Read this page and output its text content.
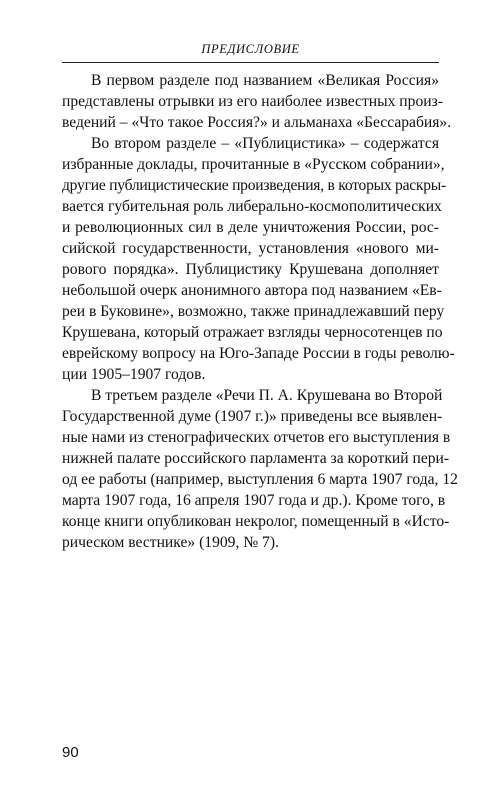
ПРЕДИСЛОВИЕ

В первом разделе под названием «Великая Россия»
представлены отрывки из его наиболее известных произ-
ведений – «Что такое Россия?» и альманаха «Бессарабия».

Во втором разделе – «Публицистика» – содержатся
избранные доклады, прочитанные в «Русском собрании»,
другие публицистические произведения, в которых раскры-
вается губительная роль либерально-космополитических
и революционных сил в деле уничтожения России, рос-
сийской государственности, установления «нового ми-
рового порядка». Публицистику Крушевана дополняет
небольшой очерк анонимного автора под названием «Ев-
реи в Буковине», возможно, также принадлежавший перу
Крушевана, который отражает взгляды черносотенцев по
еврейскому вопросу на Юго-Западе России в годы револю-
ции 1905–1907 годов.

В третьем разделе «Речи П. А. Крушевана во Второй
Государственной думе (1907 г.)» приведены все выявлен-
ные нами из стенографических отчетов его выступления в
нижней палате российского парламента за короткий пери-
од ее работы (например, выступления 6 марта 1907 года, 12
марта 1907 года, 16 апреля 1907 года и др.). Кроме того, в
конце книги опубликован некролог, помещенный в «Исто-
рическом вестнике» (1909, № 7).

90
